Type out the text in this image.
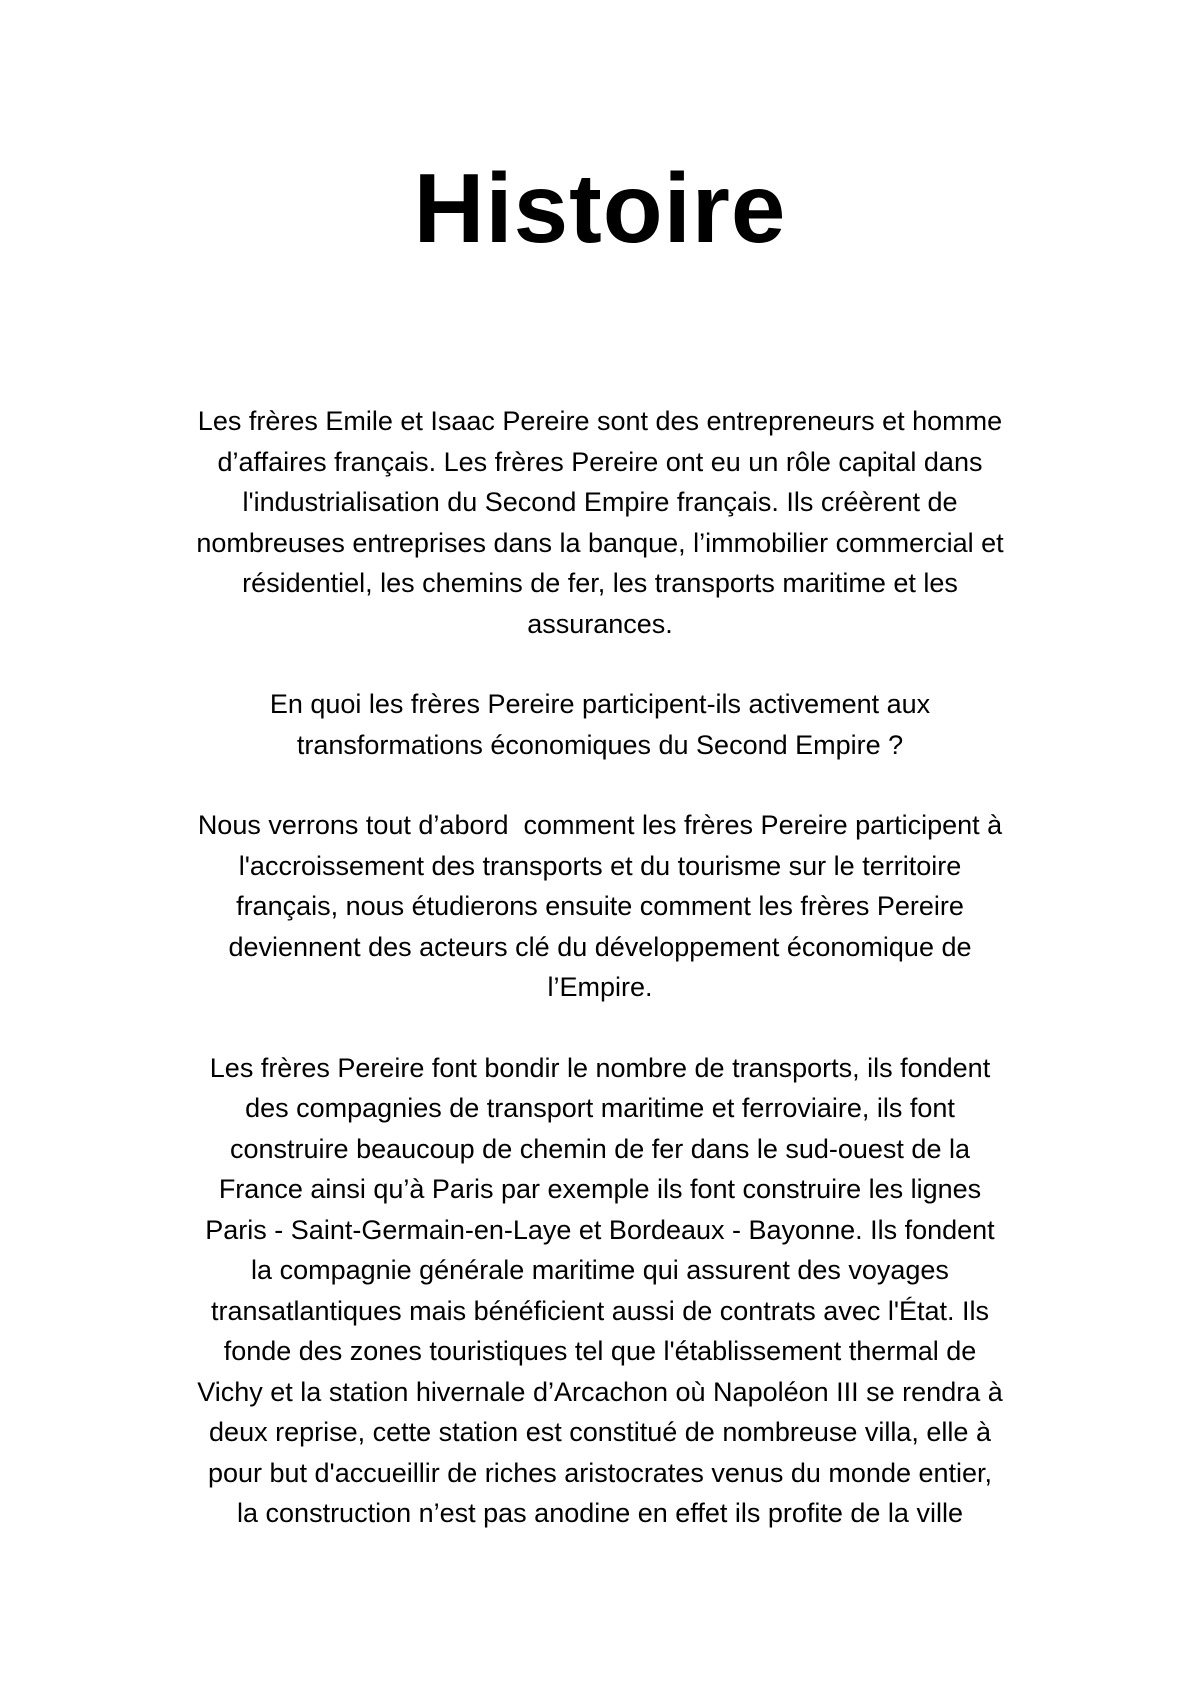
Histoire

Les frères Emile et Isaac Pereire sont des entrepreneurs et homme
d’affaires français. Les frères Pereire ont eu un rôle capital dans
l'industrialisation du Second Empire français. Ils créèrent de
nombreuses entreprises dans la banque, l’immobilier commercial et
résidentiel, les chemins de fer, les transports maritime et les
assurances.

En quoi les frères Pereire participent-ils activement aux
transformations économiques du Second Empire ?

Nous verrons tout d’abord  comment les frères Pereire participent à
l'accroissement des transports et du tourisme sur le territoire
français, nous étudierons ensuite comment les frères Pereire
deviennent des acteurs clé du développement économique de
l’Empire.

Les frères Pereire font bondir le nombre de transports, ils fondent
des compagnies de transport maritime et ferroviaire, ils font
construire beaucoup de chemin de fer dans le sud-ouest de la
France ainsi qu’à Paris par exemple ils font construire les lignes
Paris - Saint-Germain-en-Laye et Bordeaux - Bayonne. Ils fondent
la compagnie générale maritime qui assurent des voyages
transatlantiques mais bénéficient aussi de contrats avec l'État. Ils
fonde des zones touristiques tel que l'établissement thermal de
Vichy et la station hivernale d’Arcachon où Napoléon III se rendra à
deux reprise, cette station est constitué de nombreuse villa, elle à
pour but d'accueillir de riches aristocrates venus du monde entier,
la construction n’est pas anodine en effet ils profite de la ville
